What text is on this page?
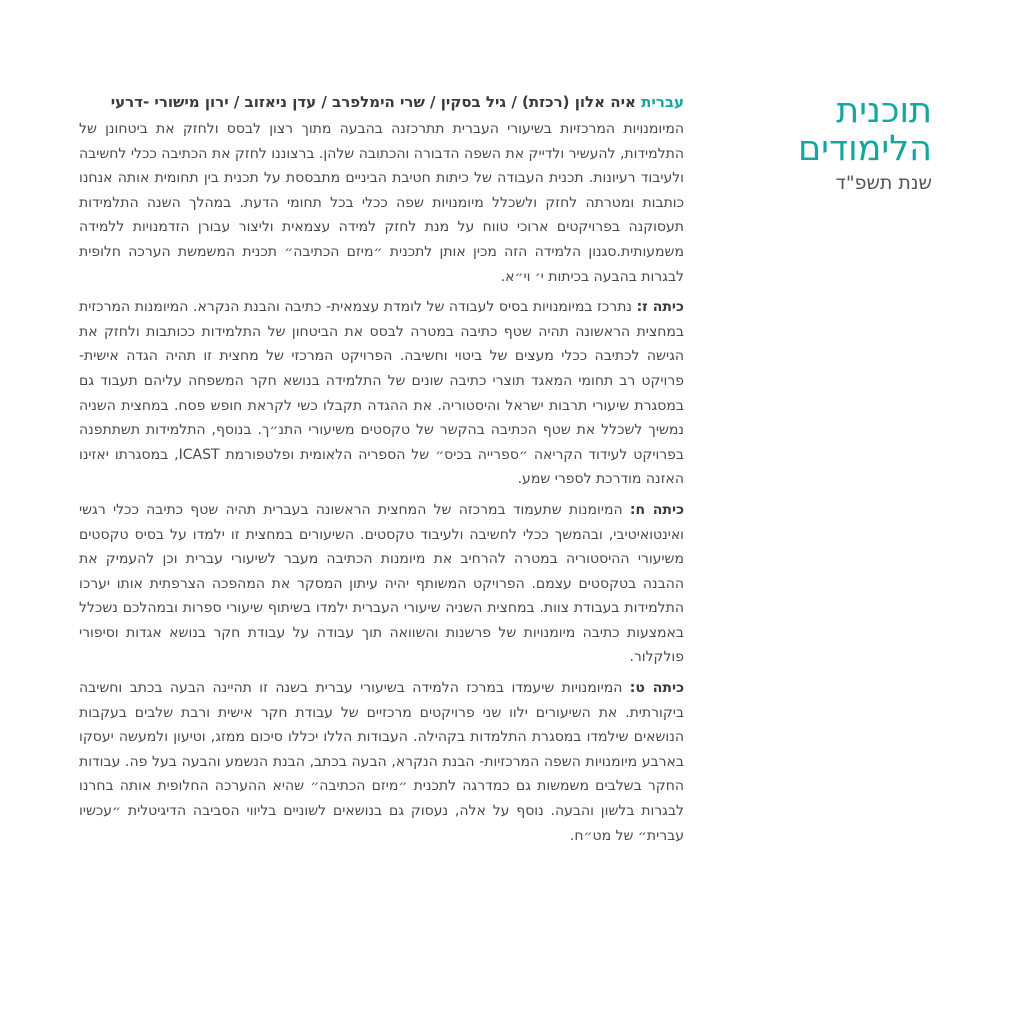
תוכנית
הלימודים
שנת תשפ"ד
עברית איה אלון (רכזת) / גיל בסקין / שרי הימלפרב / עדן ניאזוב / ירון מישורי -דרעי

המיומנויות המרכזיות בשיעורי העברית תתרכזנה בהבעה מתוך רצון לבסס ולחזק את ביטחונן של התלמידות, להעשיר ולדייק את השפה הדבורה והכתובה שלהן. ברצוננו לחזק את הכתיבה ככלי לחשיבה ולעיבוד רעיונות. תכנית העבודה של כיתות חטיבת הביניים מתבססת על תכנית בין תחומית אותה אנחנו כותבות ומטרתה לחזק ולשכלל מיומנויות שפה ככלי בכל תחומי הדעת. במהלך השנה התלמידות תעסוקנה בפרויקטים ארוכי טווח על מנת לחזק למידה עצמאית וליצור עבורן הזדמנויות ללמידה משמעותית.סגנון הלמידה הזה מכין אותן לתכנית ״מיזם הכתיבה״ תכנית המשמשת הערכה חלופית לבגרות בהבעה בכיתות י׳ וי״א.

כיתה ז: נתרכז במיומנויות בסיס לעבודה של לומדת עצמאית- כתיבה והבנת הנקרא. המיומנות המרכזית במחצית הראשונה תהיה שטף כתיבה במטרה לבסס את הביטחון של התלמידות ככותבות ולחזק את הגישה לכתיבה ככלי מעצים של ביטוי וחשיבה. הפרויקט המרכזי של מחצית זו תהיה הגדה אישית- פרויקט רב תחומי המאגד תוצרי כתיבה שונים של התלמידה בנושא חקר המשפחה עליהם תעבוד גם במסגרת שיעורי תרבות ישראל והיסטוריה. את ההגדה תקבלו כשי לקראת חופש פסח. במחצית השניה נמשיך לשכלל את שטף הכתיבה בהקשר של טקסטים משיעורי התנ״ך. בנוסף, התלמידות תשתתפנה בפרויקט לעידוד הקריאה ״ספרייה בכיס״ של הספריה הלאומית ופלטפורמת ICAST, במסגרתו יאזינו האזנה מודרכת לספרי שמע.

כיתה ח: המיומנות שתעמוד במרכזה של המחצית הראשונה בעברית תהיה שטף כתיבה ככלי רגשי ואינטואיטיבי, ובהמשך ככלי לחשיבה ולעיבוד טקסטים. השיעורים במחצית זו ילמדו על בסיס טקסטים משיעורי ההיסטוריה במטרה להרחיב את מיומנות הכתיבה מעבר לשיעורי עברית וכן להעמיק את ההבנה בטקסטים עצמם. הפרויקט המשותף יהיה עיתון המסקר את המהפכה הצרפתית אותו יערכו התלמידות בעבודת צוות. במחצית השניה שיעורי העברית ילמדו בשיתוף שיעורי ספרות ובמהלכם נשכלל באמצעות כתיבה מיומנויות של פרשנות והשוואה תוך עבודה על עבודת חקר בנושא אגדות וסיפורי פולקלור.

כיתה ט: המיומנויות שיעמדו במרכז הלמידה בשיעורי עברית בשנה זו תהיינה הבעה בכתב וחשיבה ביקורתית. את השיעורים ילוו שני פרויקטים מרכזיים של עבודת חקר אישית ורבת שלבים בעקבות הנושאים שילמדו במסגרת התלמדות בקהילה. העבודות הללו יכללו סיכום ממזג, וטיעון ולמעשה יעסקו בארבע מיומנויות השפה המרכזיות- הבנת הנקרא, הבעה בכתב, הבנת הנשמע והבעה בעל פה. עבודות החקר בשלבים משמשות גם כמדרגה לתכנית ״מיזם הכתיבה״ שהיא ההערכה החלופית אותה בחרנו לבגרות בלשון והבעה. נוסף על אלה, נעסוק גם בנושאים לשוניים בליווי הסביבה הדיגיטלית ״עכשיו עברית״ של מט״ח.
